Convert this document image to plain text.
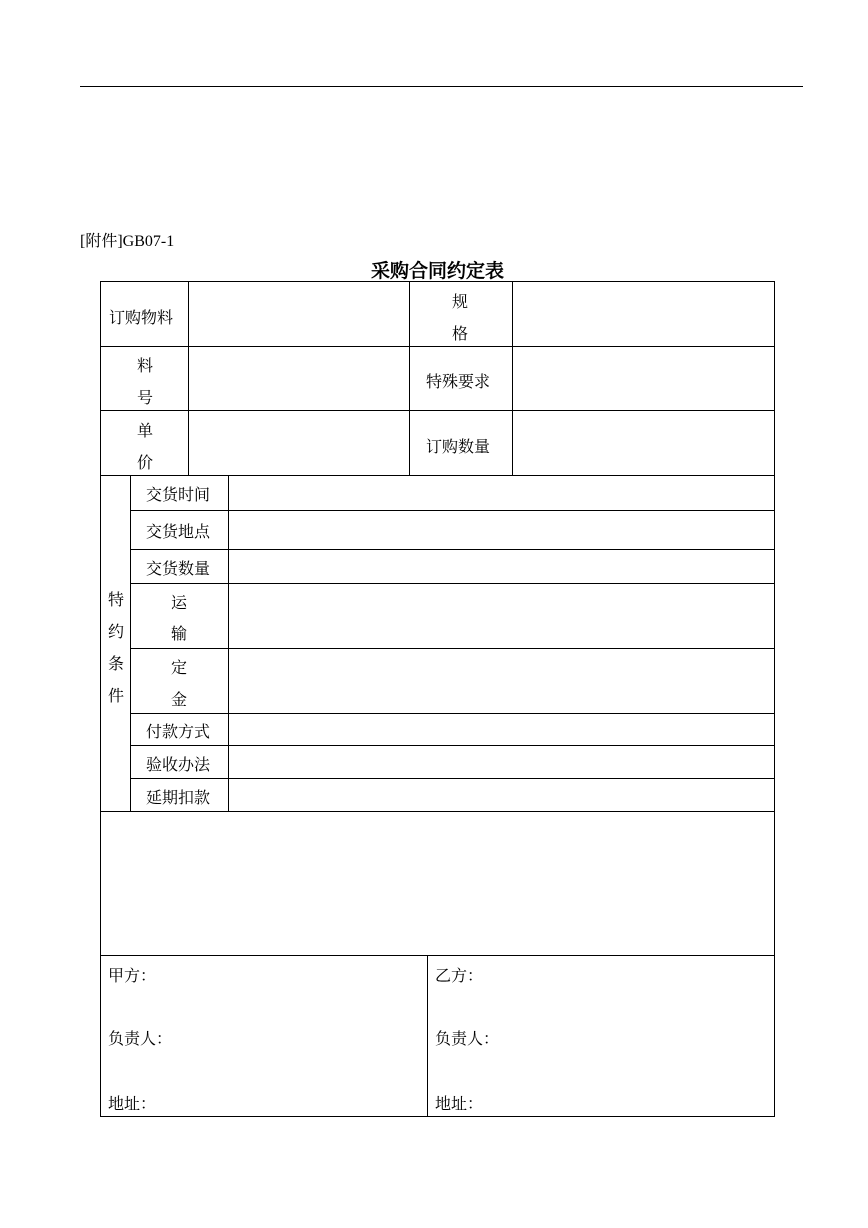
[附件]GB07-1
采购合同约定表
订购物料
规
格
料
号
特殊要求
单
价
订购数量
特
约
条
件
交货时间
交货地点
交货数量
运
输
定
金
付款方式
验收办法
延期扣款
甲方：
负责人：
地址：
乙方：
负责人：
地址：
